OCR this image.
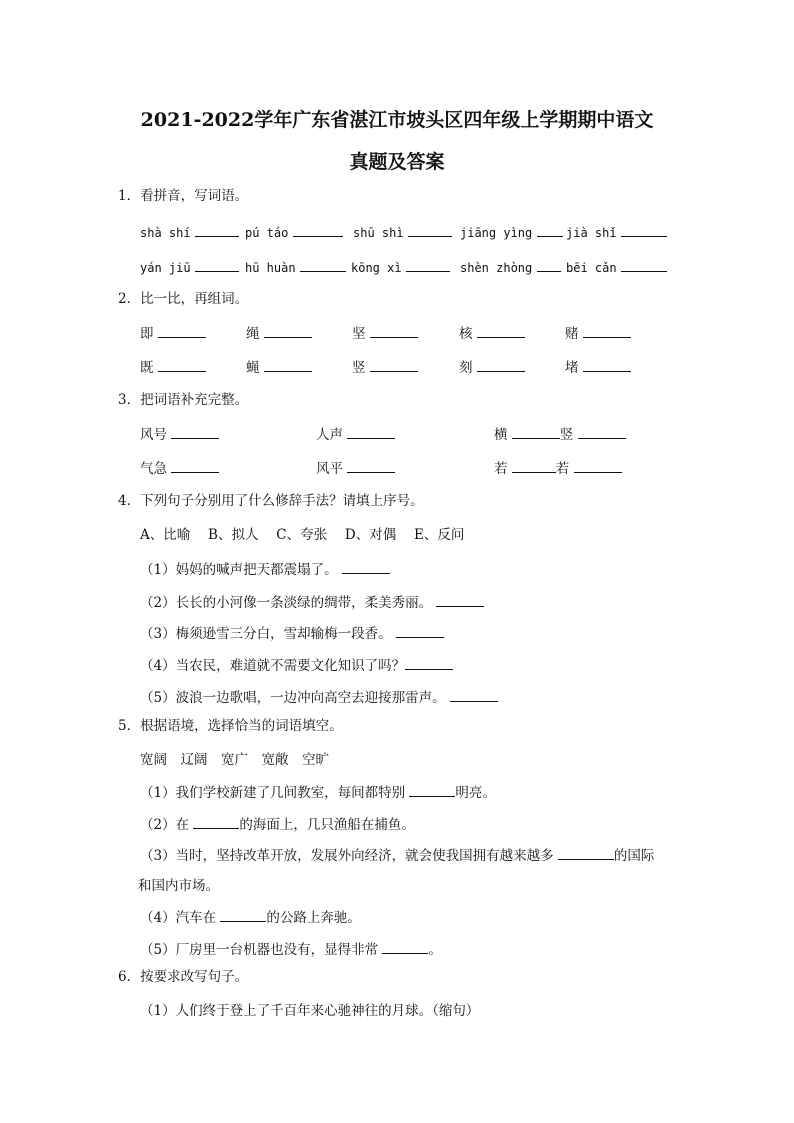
2021-2022学年广东省湛江市坡头区四年级上学期期中语文
真题及答案
1．看拼音，写词语。
shà shí	pú táo	shū shì	jiāng yìng	jià shǐ
yán jiū	hū huàn	kōng xì	shèn zhòng	bēi cǎn
2．比一比，再组词。
即	绳	坚	核	赌
既	蝇	竖	刻	堵
3．把词语补充完整。
风号	人声	横	竖
气急	风平	若	若
4．下列句子分别用了什么修辞手法？请填上序号。
A、比喻　 B、拟人　 C、夸张　 D、对偶　 E、反问
（1）妈妈的喊声把天都震塌了。
（2）长长的小河像一条淡绿的绸带，柔美秀丽。
（3）梅须逊雪三分白，雪却输梅一段香。
（4）当农民，难道就不需要文化知识了吗？
（5）波浪一边歌唱，一边冲向高空去迎接那雷声。
5．根据语境，选择恰当的词语填空。
宽阔　辽阔　宽广　宽敞　空旷
（1）我们学校新建了几间教室，每间都特别	明亮。
（2）在	的海面上，几只渔船在捕鱼。
（3）当时，坚持改革开放，发展外向经济，就会使我国拥有越来越多	的国际
和国内市场。
（4）汽车在	的公路上奔驰。
（5）厂房里一台机器也没有，显得非常	。
6．按要求改写句子。
（1）人们终于登上了千百年来心驰神往的月球。（缩句）
